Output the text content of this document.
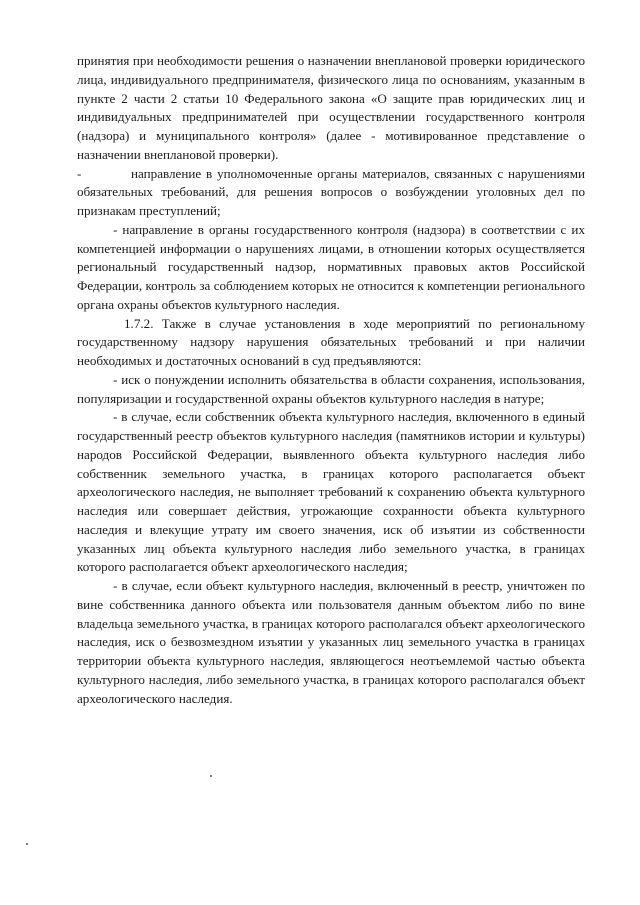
принятия при необходимости решения о назначении внеплановой проверки юридического лица, индивидуального предпринимателя, физического лица по основаниям, указанным в пункте 2 части 2 статьи 10 Федерального закона «О защите прав юридических лиц и индивидуальных предпринимателей при осуществлении государственного контроля (надзора) и муниципального контроля» (далее - мотивированное представление о назначении внеплановой проверки).

-	направление в уполномоченные органы материалов, связанных с нарушениями обязательных требований, для решения вопросов о возбуждении уголовных дел по признакам преступлений;

- направление в органы государственного контроля (надзора) в соответствии с их компетенцией информации о нарушениях лицами, в отношении которых осуществляется региональный государственный надзор, нормативных правовых актов Российской Федерации, контроль за соблюдением которых не относится к компетенции регионального органа охраны объектов культурного наследия.

1.7.2. Также в случае установления в ходе мероприятий по региональному государственному надзору нарушения обязательных требований и при наличии необходимых и достаточных оснований в суд предъявляются:

- иск о понуждении исполнить обязательства в области сохранения, использования, популяризации и государственной охраны объектов культурного наследия в натуре;

- в случае, если собственник объекта культурного наследия, включенного в единый государственный реестр объектов культурного наследия (памятников истории и культуры) народов Российской Федерации, выявленного объекта культурного наследия либо собственник земельного участка, в границах которого располагается объект археологического наследия, не выполняет требований к сохранению объекта культурного наследия или совершает действия, угрожающие сохранности объекта культурного наследия и влекущие утрату им своего значения, иск об изъятии из собственности указанных лиц объекта культурного наследия либо земельного участка, в границах которого располагается объект археологического наследия;

- в случае, если объект культурного наследия, включенный в реестр, уничтожен по вине собственника данного объекта или пользователя данным объектом либо по вине владельца земельного участка, в границах которого располагался объект археологического наследия, иск о безвозмездном изъятии у указанных лиц земельного участка в границах территории объекта культурного наследия, являющегося неотъемлемой частью объекта культурного наследия, либо земельного участка, в границах которого располагался объект археологического наследия.
